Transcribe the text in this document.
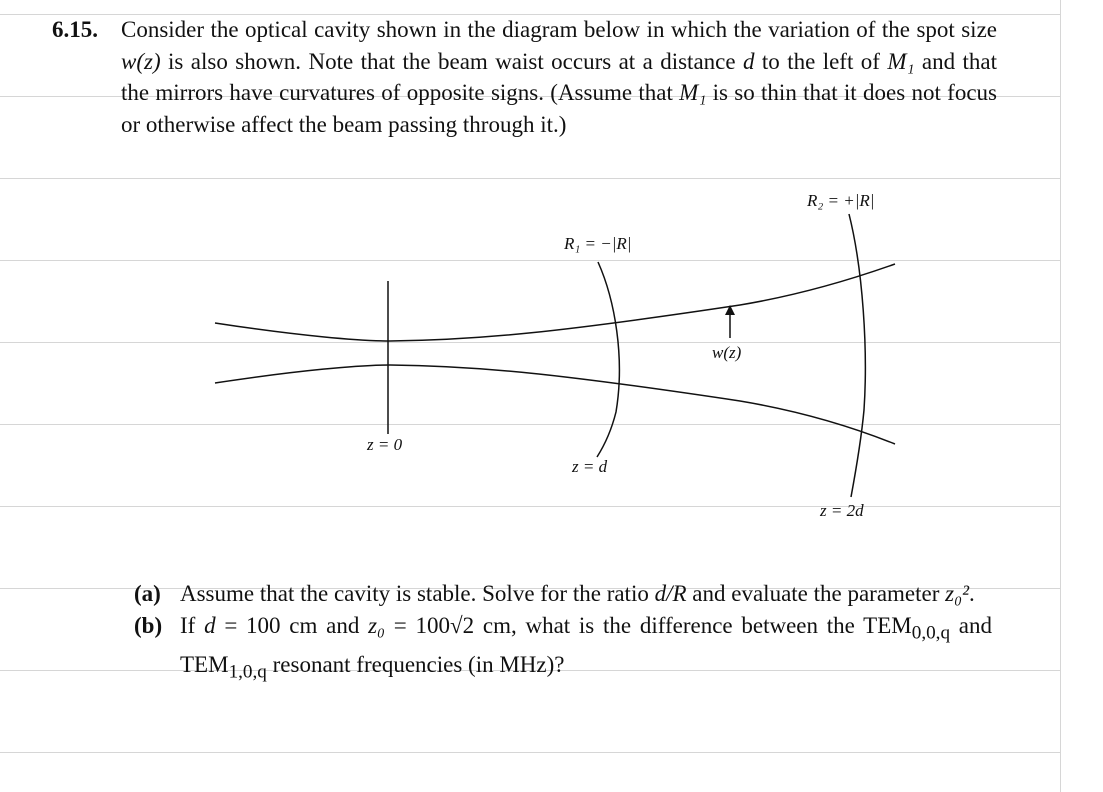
6.15. Consider the optical cavity shown in the diagram below in which the variation of the spot size w(z) is also shown. Note that the beam waist occurs at a distance d to the left of M₁ and that the mirrors have curvatures of opposite signs. (Assume that M₁ is so thin that it does not focus or otherwise affect the beam passing through it.)
R₂ = +|R|
R₁ = −|R|
w(z)
z = 0
z = d
z = 2d
(a) Assume that the cavity is stable. Solve for the ratio d/R and evaluate the parameter z₀².
(b) If d = 100 cm and z₀ = 100√2 cm, what is the difference between the $TEM_{0,0,q}$ and $TEM_{1,0,q}$ resonant frequencies (in MHz)?
